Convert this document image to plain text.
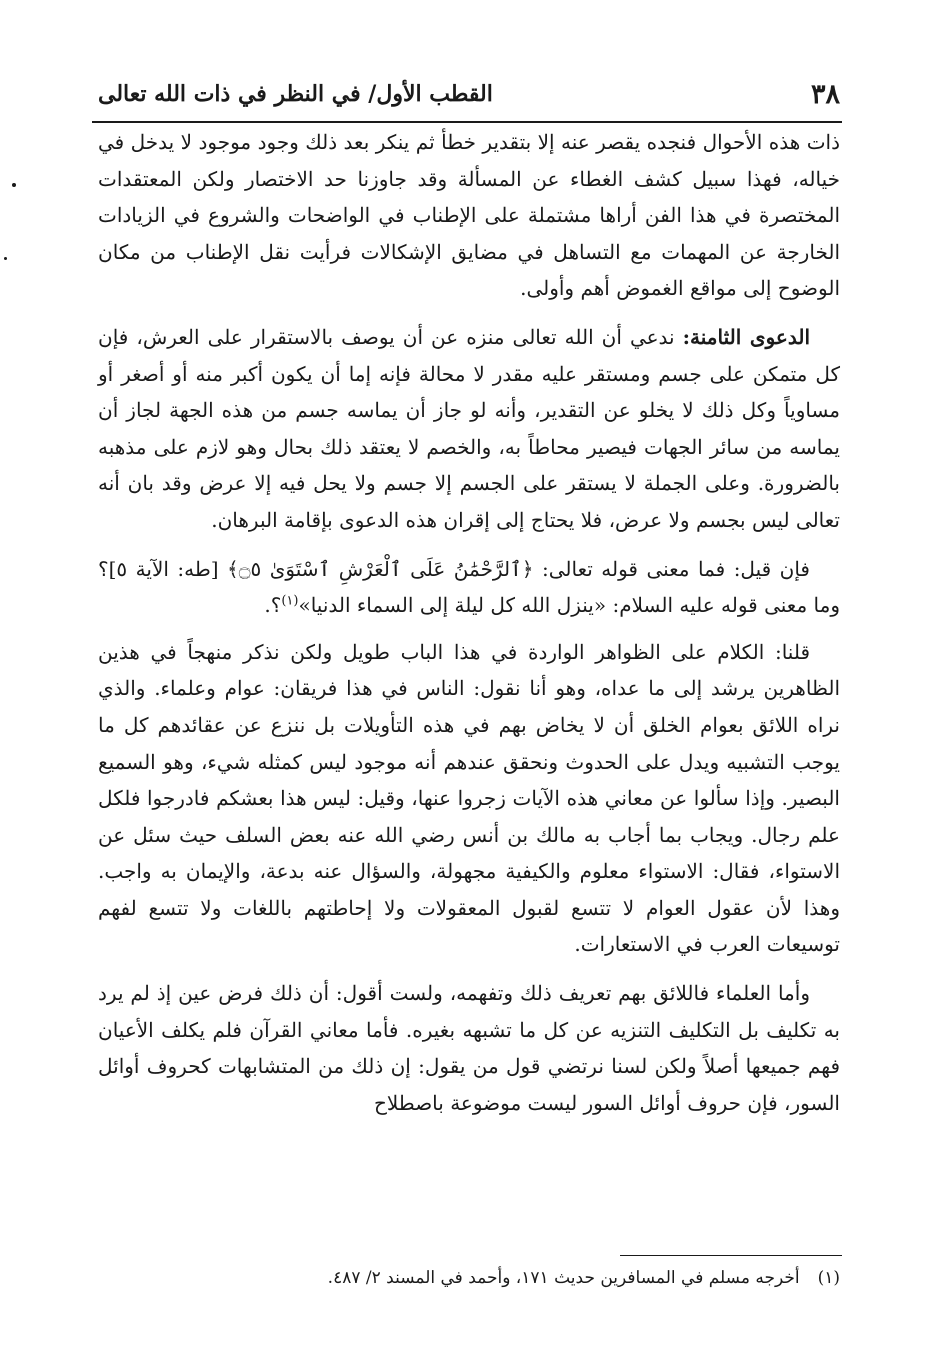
٣٨
القطب الأول/ في النظر في ذات الله تعالى

ذات هذه الأحوال فنجده يقصر عنه إلا بتقدير خطأ ثم ينكر بعد ذلك وجود موجود لا يدخل في خياله، فهذا سبيل كشف الغطاء عن المسألة وقد جاوزنا حد الاختصار ولكن المعتقدات المختصرة في هذا الفن أراها مشتملة على الإطناب في الواضحات والشروع في الزيادات الخارجة عن المهمات مع التساهل في مضايق الإشكالات فرأيت نقل الإطناب من مكان الوضوح إلى مواقع الغموض أهم وأولى.

الدعوى الثامنة: ندعي أن الله تعالى منزه عن أن يوصف بالاستقرار على العرش، فإن كل متمكن على جسم ومستقر عليه مقدر لا محالة فإنه إما أن يكون أكبر منه أو أصغر أو مساوياً وكل ذلك لا يخلو عن التقدير، وأنه لو جاز أن يماسه جسم من هذه الجهة لجاز أن يماسه من سائر الجهات فيصير محاطاً به، والخصم لا يعتقد ذلك بحال وهو لازم على مذهبه بالضرورة. وعلى الجملة لا يستقر على الجسم إلا جسم ولا يحل فيه إلا عرض وقد بان أنه تعالى ليس بجسم ولا عرض، فلا يحتاج إلى إقران هذه الدعوى بإقامة البرهان.

فإن قيل: فما معنى قوله تعالى: ﴿ٱلرَّحْمَٰنُ عَلَى ٱلْعَرْشِ ٱسْتَوَىٰ ۝٥﴾ [طه: الآية ٥]؟ وما معنى قوله عليه السلام: «ينزل الله كل ليلة إلى السماء الدنيا»$^{(١)}$؟.

قلنا: الكلام على الظواهر الواردة في هذا الباب طويل ولكن نذكر منهجاً في هذين الظاهرين يرشد إلى ما عداه، وهو أنا نقول: الناس في هذا فريقان: عوام وعلماء. والذي نراه اللائق بعوام الخلق أن لا يخاض بهم في هذه التأويلات بل ننزع عن عقائدهم كل ما يوجب التشبيه ويدل على الحدوث ونحقق عندهم أنه موجود ليس كمثله شيء، وهو السميع البصير. وإذا سألوا عن معاني هذه الآيات زجروا عنها، وقيل: ليس هذا بعشكم فادرجوا فلكل علم رجال. ويجاب بما أجاب به مالك بن أنس رضي الله عنه بعض السلف حيث سئل عن الاستواء، فقال: الاستواء معلوم والكيفية مجهولة، والسؤال عنه بدعة، والإيمان به واجب. وهذا لأن عقول العوام لا تتسع لقبول المعقولات ولا إحاطتهم باللغات ولا تتسع لفهم توسيعات العرب في الاستعارات.

وأما العلماء فاللائق بهم تعريف ذلك وتفهمه، ولست أقول: أن ذلك فرض عين إذ لم يرد به تكليف بل التكليف التنزيه عن كل ما تشبهه بغيره. فأما معاني القرآن فلم يكلف الأعيان فهم جميعها أصلاً ولكن لسنا نرتضي قول من يقول: إن ذلك من المتشابهات كحروف أوائل السور، فإن حروف أوائل السور ليست موضوعة باصطلاح

(١)أخرجه مسلم في المسافرين حديث ١٧١، وأحمد في المسند ٢/ ٤٨٧.
